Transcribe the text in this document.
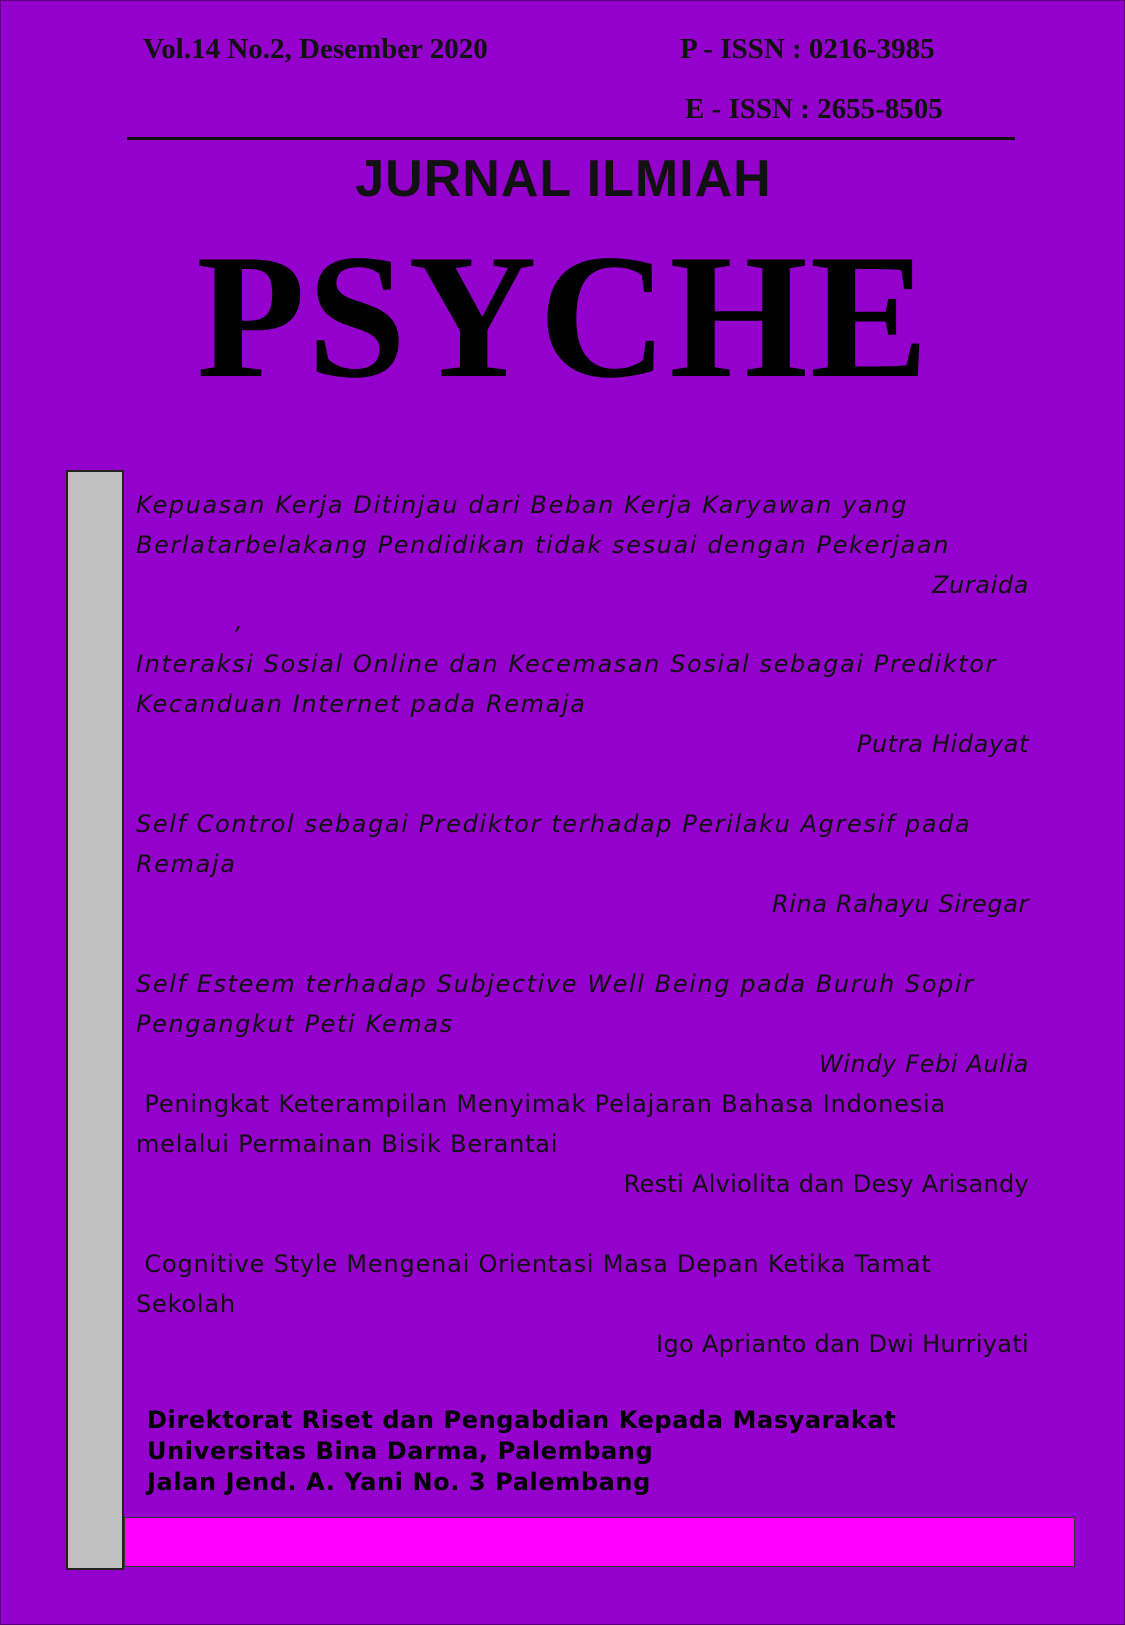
Vol.14 No.2, Desember 2020	P - ISSN : 0216-3985
E - ISSN : 2655-8505
JURNAL ILMIAH
PSYCHE
Kepuasan Kerja Ditinjau dari Beban Kerja Karyawan yang
Berlatarbelakang Pendidikan tidak sesuai dengan Pekerjaan
Zuraida
,
Interaksi Sosial Online dan Kecemasan Sosial sebagai Prediktor
Kecanduan Internet pada Remaja
Putra Hidayat
Self Control sebagai Prediktor terhadap Perilaku Agresif pada
Remaja
Rina Rahayu Siregar
Self Esteem terhadap Subjective Well Being pada Buruh Sopir
Pengangkut Peti Kemas
Windy Febi Aulia
Peningkat Keterampilan Menyimak Pelajaran Bahasa Indonesia
melalui Permainan Bisik Berantai
Resti Alviolita dan Desy Arisandy
Cognitive Style Mengenai Orientasi Masa Depan Ketika Tamat
Sekolah
Igo Aprianto dan Dwi Hurriyati
Direktorat Riset dan Pengabdian Kepada Masyarakat
Universitas Bina Darma, Palembang
Jalan Jend. A. Yani No. 3 Palembang
